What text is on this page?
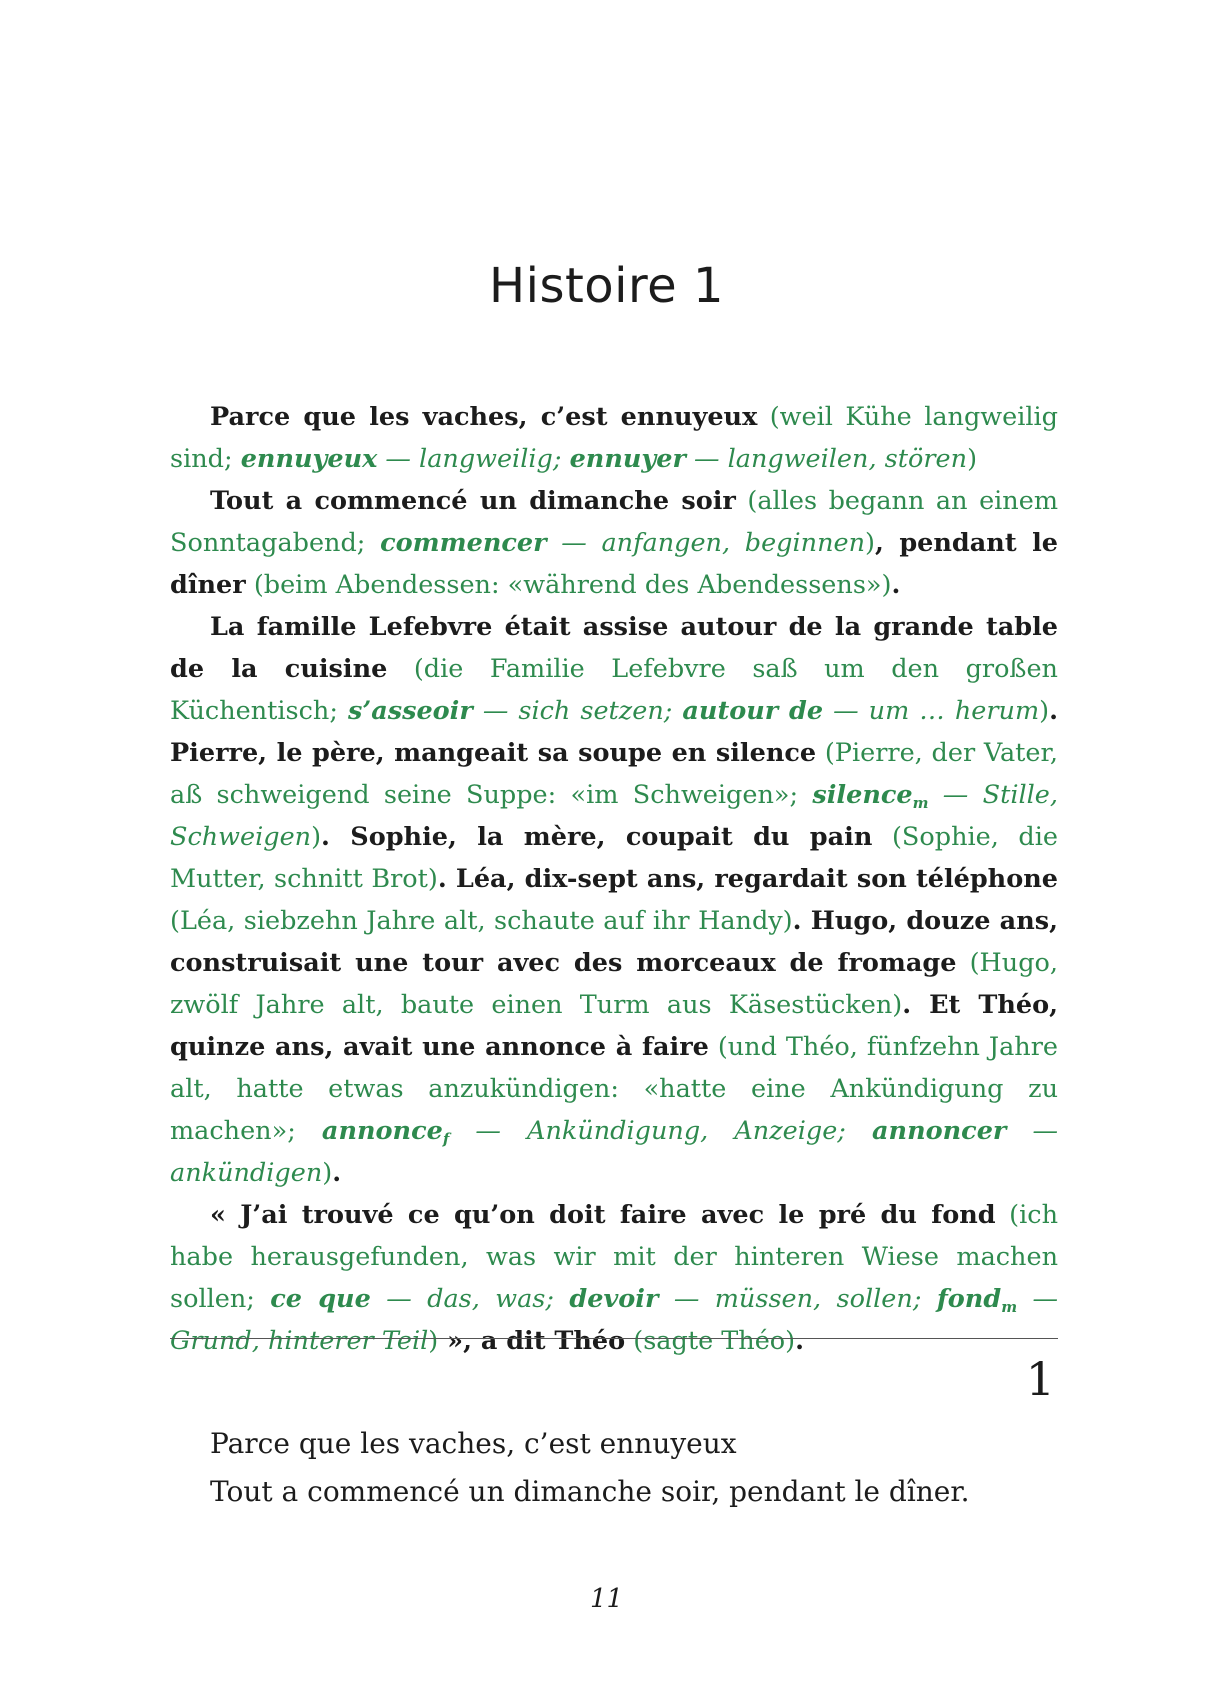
Histoire 1

Parce que les vaches, c’est ennuyeux (weil Kühe langweilig sind; ennuyeux — langweilig; ennuyer — langweilen, stören)

Tout a commencé un dimanche soir (alles begann an einem Sonntagabend; commencer — anfangen, beginnen), pendant le dîner (beim Abendessen: «während des Abendessens»).

La famille Lefebvre était assise autour de la grande table de la cuisine (die Familie Lefebvre saß um den großen Küchentisch; s’asseoir — sich setzen; autour de — um … herum). Pierre, le père, mangeait sa soupe en silence (Pierre, der Vater, aß schweigend seine Suppe: «im Schweigen»; silence$_m$ — Stille, Schweigen). Sophie, la mère, coupait du pain (Sophie, die Mutter, schnitt Brot). Léa, dix-sept ans, regardait son téléphone (Léa, siebzehn Jahre alt, schaute auf ihr Handy). Hugo, douze ans, construisait une tour avec des morceaux de fromage (Hugo, zwölf Jahre alt, baute einen Turm aus Käsestücken). Et Théo, quinze ans, avait une annonce à faire (und Théo, fünfzehn Jahre alt, hatte etwas anzukündigen: «hatte eine Ankündigung zu machen»; annonce$_f$ — Ankündigung, Anzeige; annoncer — ankündigen).

« J’ai trouvé ce qu’on doit faire avec le pré du fond (ich habe herausgefunden, was wir mit der hinteren Wiese machen sollen; ce que — das, was; devoir — müssen, sollen; fond$_m$ — Grund, hinterer Teil) », a dit Théo (sagte Théo).

1
Parce que les vaches, c’est ennuyeux
Tout a commencé un dimanche soir, pendant le dîner.
11
